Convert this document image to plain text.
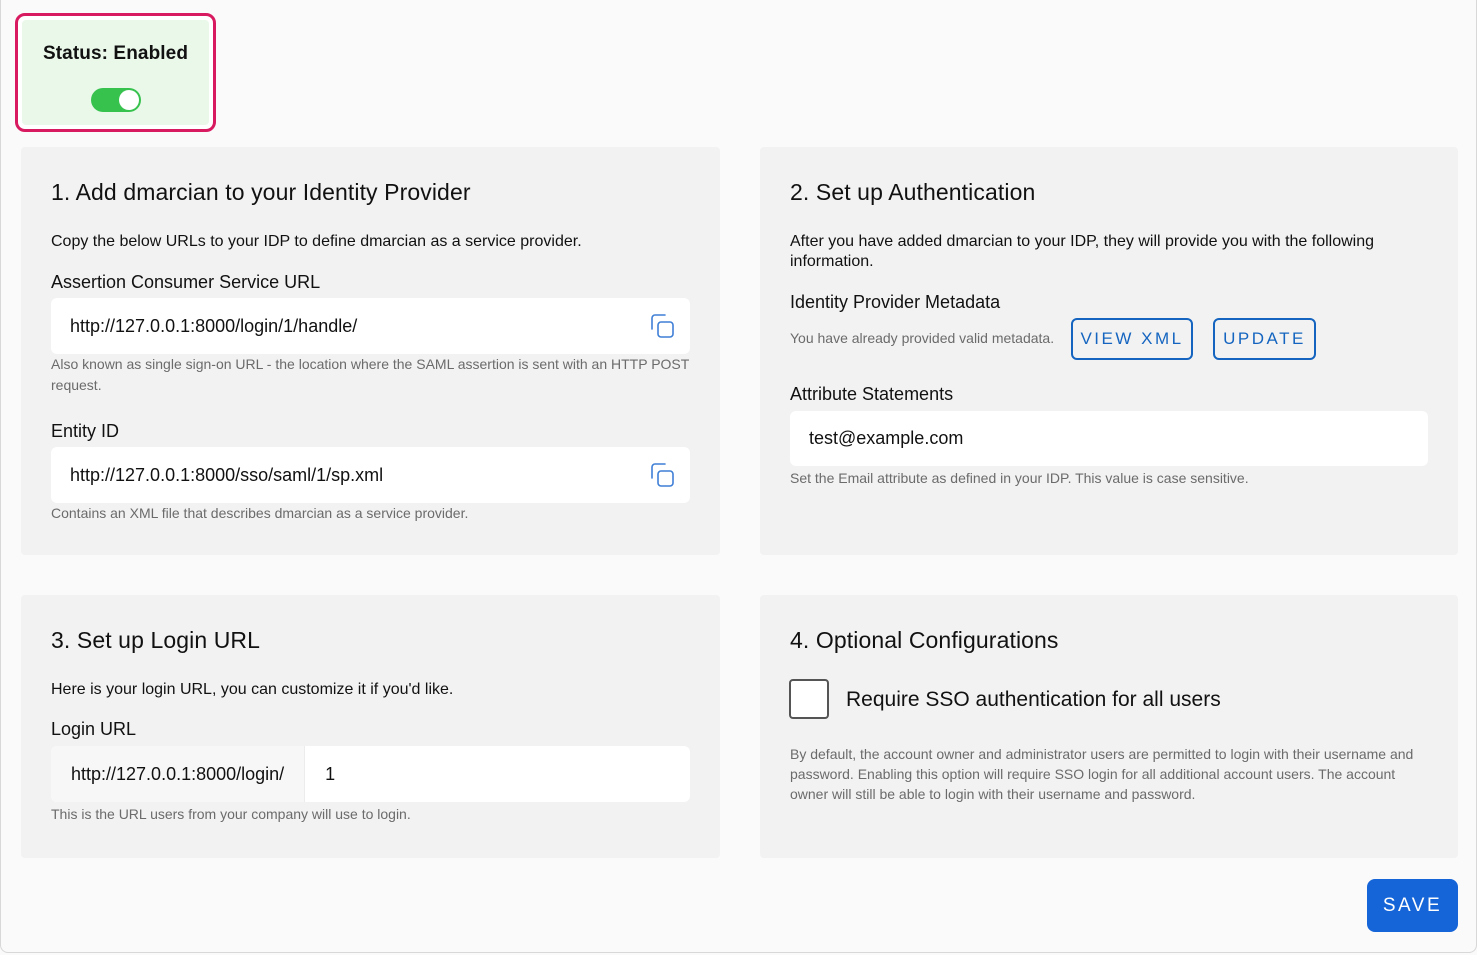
Status: Enabled
1. Add dmarcian to your Identity Provider
Copy the below URLs to your IDP to define dmarcian as a service provider.
Assertion Consumer Service URL
http://127.0.0.1:8000/login/1/handle/
Also known as single sign-on URL - the location where the SAML assertion is sent with an HTTP POST request.
Entity ID
http://127.0.0.1:8000/sso/saml/1/sp.xml
Contains an XML file that describes dmarcian as a service provider.
2. Set up Authentication
After you have added dmarcian to your IDP, they will provide you with the following information.
Identity Provider Metadata
You have already provided valid metadata.	VIEW XML	UPDATE
Attribute Statements
test@example.com
Set the Email attribute as defined in your IDP. This value is case sensitive.
3. Set up Login URL
Here is your login URL, you can customize it if you'd like.
Login URL
http://127.0.0.1:8000/login/	1
This is the URL users from your company will use to login.
4. Optional Configurations
Require SSO authentication for all users
By default, the account owner and administrator users are permitted to login with their username and password. Enabling this option will require SSO login for all additional account users. The account owner will still be able to login with their username and password.
SAVE
